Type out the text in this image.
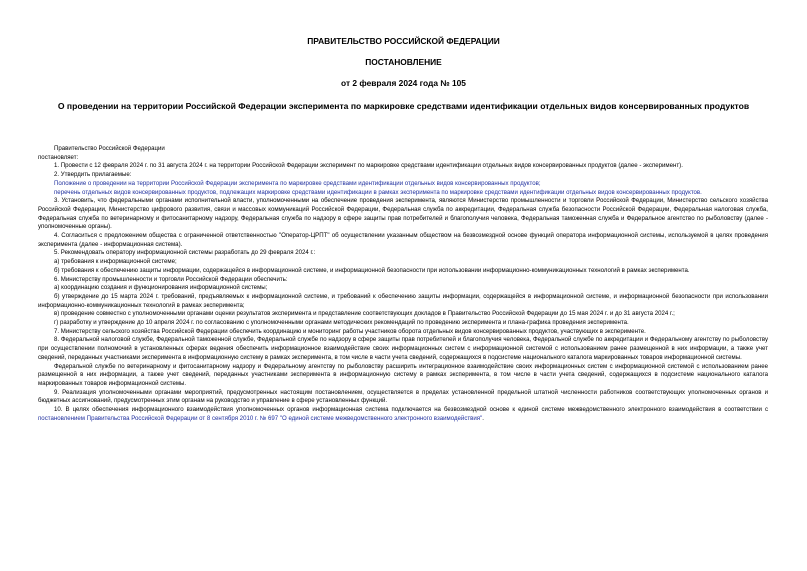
ПРАВИТЕЛЬСТВО РОССИЙСКОЙ ФЕДЕРАЦИИ
ПОСТАНОВЛЕНИЕ
от 2 февраля 2024 года № 105
О проведении на территории Российской Федерации эксперимента по маркировке средствами идентификации отдельных видов консервированных продуктов

Правительство Российской Федерации

постановляет:

1. Провести с 12 февраля 2024 г. по 31 августа 2024 г. на территории Российской Федерации эксперимент по маркировке средствами идентификации отдельных видов консервированных продуктов (далее - эксперимент).

2. Утвердить прилагаемые:

Положение о проведении на территории Российской Федерации эксперимента по маркировке средствами идентификации отдельных видов консервированных продуктов;

перечень отдельных видов консервированных продуктов, подлежащих маркировке средствами идентификации в рамках эксперимента по маркировке средствами идентификации отдельных видов консервированных продуктов.

3. Установить, что федеральными органами исполнительной власти, уполномоченными на обеспечение проведения эксперимента, являются Министерство промышленности и торговли Российской Федерации, Министерство сельского хозяйства Российской Федерации, Министерство цифрового развития, связи и массовых коммуникаций Российской Федерации, Федеральная служба по аккредитации, Федеральная служба безопасности Российской Федерации, Федеральная налоговая служба, Федеральная служба по ветеринарному и фитосанитарному надзору, Федеральная служба по надзору в сфере защиты прав потребителей и благополучия человека, Федеральная таможенная служба и Федеральное агентство по рыболовству (далее - уполномоченные органы).

4. Согласиться с предложением общества с ограниченной ответственностью "Оператор-ЦРПТ" об осуществлении указанным обществом на безвозмездной основе функций оператора информационной системы, используемой в целях проведения эксперимента (далее - информационная система).

5. Рекомендовать оператору информационной системы разработать до 29 февраля 2024 г.:

а) требования к информационной системе;

б) требования к обеспечению защиты информации, содержащейся в информационной системе, и информационной безопасности при использовании информационно-коммуникационных технологий в рамках эксперимента.

6. Министерству промышленности и торговли Российской Федерации обеспечить:

а) координацию создания и функционирования информационной системы;

б) утверждение до 15 марта 2024 г. требований, предъявляемых к информационной системе, и требований к обеспечению защиты информации, содержащейся в информационной системе, и информационной безопасности при использовании информационно-коммуникационных технологий в рамках эксперимента;

в) проведение совместно с уполномоченными органами оценки результатов эксперимента и представление соответствующих докладов в Правительство Российской Федерации до 15 мая 2024 г. и до 31 августа 2024 г.;

г) разработку и утверждение до 10 апреля 2024 г. по согласованию с уполномоченными органами методических рекомендаций по проведению эксперимента и плана-графика проведения эксперимента.

7. Министерству сельского хозяйства Российской Федерации обеспечить координацию и мониторинг работы участников оборота отдельных видов консервированных продуктов, участвующих в эксперименте.

8. Федеральной налоговой службе, Федеральной таможенной службе, Федеральной службе по надзору в сфере защиты прав потребителей и благополучия человека, Федеральной службе по аккредитации и Федеральному агентству по рыболовству при осуществлении полномочий в установленных сферах ведения обеспечить информационное взаимодействие своих информационных систем с информационной системой с использованием ранее размещенной в них информации, а также учет сведений, переданных участниками эксперимента в информационную систему в рамках эксперимента, в том числе в части учета сведений, содержащихся в подсистеме национального каталога маркированных товаров информационной системы.

Федеральной службе по ветеринарному и фитосанитарному надзору и Федеральному агентству по рыболовству расширить интеграционное взаимодействие своих информационных систем с информационной системой с использованием ранее размещенной в них информации, а также учет сведений, переданных участниками эксперимента в информационную систему в рамках эксперимента, в том числе в части учета сведений, содержащихся в подсистеме национального каталога маркированных товаров информационной системы.

9. Реализация уполномоченными органами мероприятий, предусмотренных настоящим постановлением, осуществляется в пределах установленной предельной штатной численности работников соответствующих уполномоченных органов и бюджетных ассигнований, предусмотренных этим органам на руководство и управление в сфере установленных функций.

10. В целях обеспечения информационного взаимодействия уполномоченных органов информационная система подключается на безвозмездной основе к единой системе межведомственного электронного взаимодействия в соответствии с постановлением Правительства Российской Федерации от 8 сентября 2010 г. № 697 "О единой системе межведомственного электронного взаимодействия".
